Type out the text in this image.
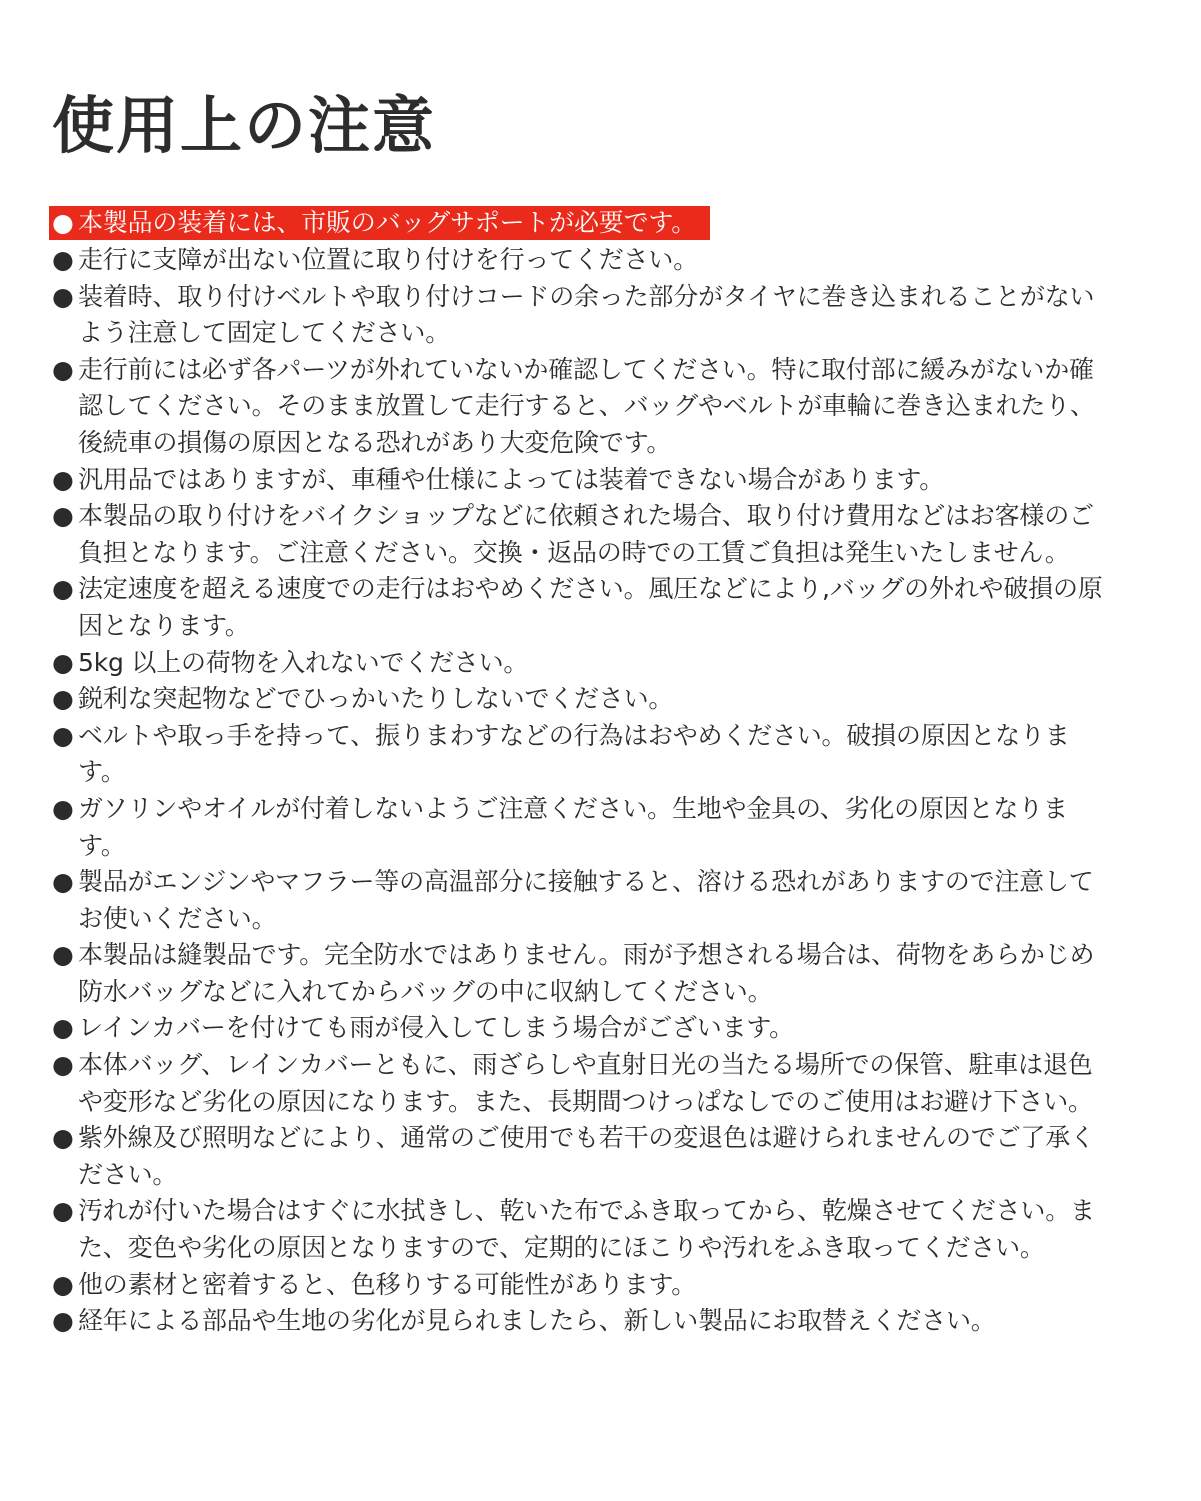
使用上の注意
● 本製品の装着には、市販のバッグサポートが必要です。
● 走行に支障が出ない位置に取り付けを行ってください。
● 装着時、取り付けベルトや取り付けコードの余った部分がタイヤに巻き込まれることがないよう注意して固定してください。
● 走行前には必ず各パーツが外れていないか確認してください。特に取付部に緩みがないか確認してください。そのまま放置して走行すると、バッグやベルトが車輪に巻き込まれたり、後続車の損傷の原因となる恐れがあり大変危険です。
● 汎用品ではありますが、車種や仕様によっては装着できない場合があります。
● 本製品の取り付けをバイクショップなどに依頼された場合、取り付け費用などはお客様のご負担となります。ご注意ください。交換・返品の時での工賃ご負担は発生いたしません。
● 法定速度を超える速度での走行はおやめください。風圧などにより,バッグの外れや破損の原因となります。
● 5kg 以上の荷物を入れないでください。
● 鋭利な突起物などでひっかいたりしないでください。
● ベルトや取っ手を持って、振りまわすなどの行為はおやめください。破損の原因となります。
● ガソリンやオイルが付着しないようご注意ください。生地や金具の、劣化の原因となります。
● 製品がエンジンやマフラー等の高温部分に接触すると、溶ける恐れがありますので注意してお使いください。
● 本製品は縫製品です。完全防水ではありません。雨が予想される場合は、荷物をあらかじめ防水バッグなどに入れてからバッグの中に収納してください。
● レインカバーを付けても雨が侵入してしまう場合がございます。
● 本体バッグ、レインカバーともに、雨ざらしや直射日光の当たる場所での保管、駐車は退色や変形など劣化の原因になります。また、長期間つけっぱなしでのご使用はお避け下さい。
● 紫外線及び照明などにより、通常のご使用でも若干の変退色は避けられませんのでご了承ください。
● 汚れが付いた場合はすぐに水拭きし、乾いた布でふき取ってから、乾燥させてください。また、変色や劣化の原因となりますので、定期的にほこりや汚れをふき取ってください。
● 他の素材と密着すると、色移りする可能性があります。
● 経年による部品や生地の劣化が見られましたら、新しい製品にお取替えください。
